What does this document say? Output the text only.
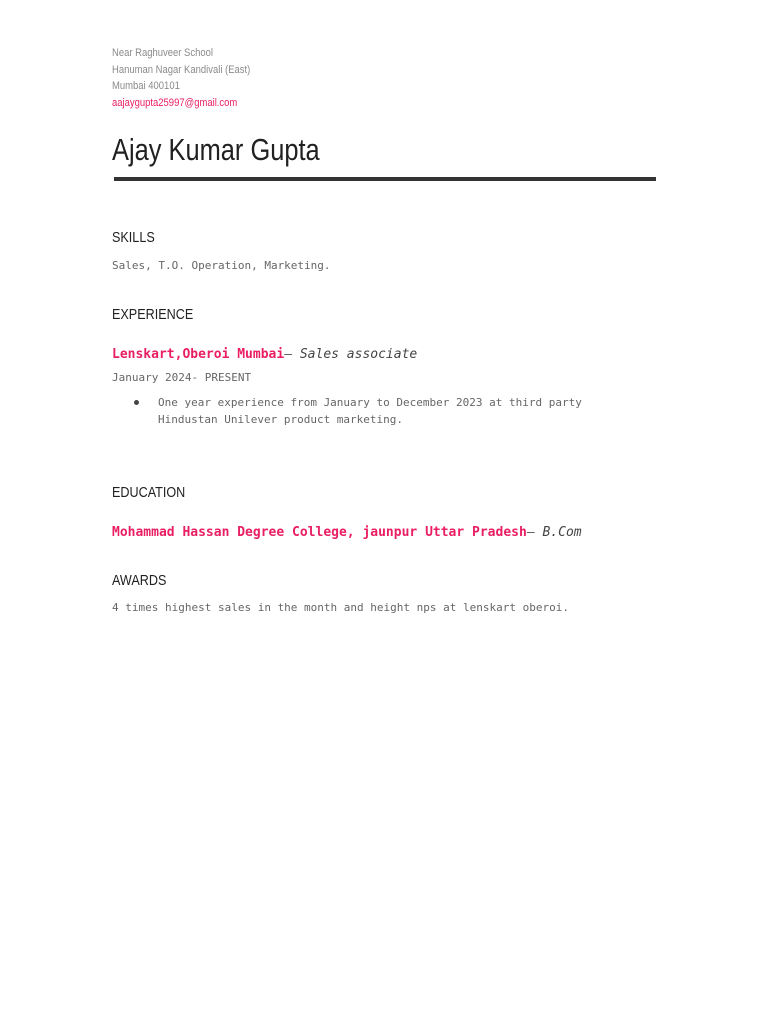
Near Raghuveer School
Hanuman Nagar Kandivali (East)
Mumbai 400101
aajaygupta25997@gmail.com
Ajay Kumar Gupta
SKILLS
Sales, T.O. Operation, Marketing.
EXPERIENCE
Lenskart,Oberoi Mumbai– Sales associate
January 2024- PRESENT
One year experience from January to December 2023 at third party Hindustan Unilever product marketing.
EDUCATION
Mohammad Hassan Degree College, jaunpur Uttar Pradesh– B.Com
AWARDS
4 times highest sales in the month and height nps at lenskart oberoi.
